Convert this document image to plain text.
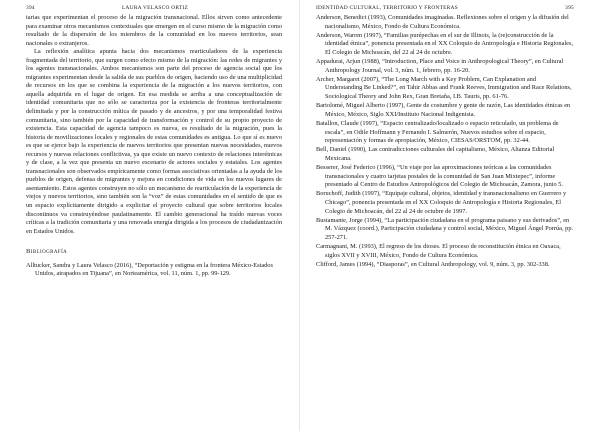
394	LAURA VELASCO ORTIZ

tarias que experimentan el proceso de la migración transnacional. Ellos sirven como antecedente para examinar otros mecanismos contextuales que emergen en el curso mismo de la migración como resultado de la dispersión de los miembros de la comunidad en los nuevos territorios, sean nacionales o extranjeros.

La reflexión analítica apunta hacia dos mecanismos rearticuladores de la experiencia fragmentada del territorio, que surgen como efecto mismo de la migración: las redes de migrantes y los agentes transnacionales. Ambos mecanismos son parte del proceso de agencia social que los migrantes experimentan desde la salida de sus pueblos de origen, haciendo uso de una multiplicidad de recursos en los que se combina la experiencia de la migración a los nuevos territorios, con aquella adquirida en el lugar de origen. En esa medida se arriba a una conceptualización de identidad comunitaria que no sólo se caracteriza por la existencia de fronteras territorialmente delimitada y por la construcción mítica de pasado y de ancestros, y por una temporalidad festiva comunitaria, sino también por la capacidad de transformación y control de su propio proyecto de existencia. Esta capacidad de agencia tampoco es nueva, es resultado de la migración, pues la historia de movilizaciones locales y regionales de estas comunidades es antigua. Lo que sí es nuevo es que se ejerce bajo la experiencia de nuevos territorios que presentan nuevas necesidades, nuevos recursos y nuevas relaciones conflictivas, ya que existe un nuevo contexto de relaciones interétnicas y de clase, a la vez que presenta un nuevo escenario de actores sociales y estatales. Los agentes transnacionales son observados empíricamente como formas asociativas orientadas a la ayuda de los pueblos de origen, defensa de migrantes y mejora en condiciones de vida en los nuevos lugares de asentamiento. Estos agentes construyen no sólo un mecanismo de rearticulación de la experiencia de viejos y nuevos territorios, sino también son la “voz” de estas comunidades en el sentido de que es un espacio explícitamente dirigido a explicitar el proyecto cultural que sobre territorios locales discontinuos va construyéndose paulatinamente. El cambio generacional ha traído nuevas voces críticas a la tradición comunitaria y una renovada energía dirigida a los procesos de ciudadanización en Estados Unidos.

Bibliografía

Alltucker, Sandra y Laura Velasco (2016), “Deportación y estigma en la frontera México-Estados Unidos, atrapados en Tijuana”, en Norteamérica, vol. 11, núm. 1, pp. 99-129.

IDENTIDAD CULTURAL, TERRITORIO Y FRONTERAS	395

Anderson, Benedict (1993), Comunidades imaginadas. Reflexiones sobre el origen y la difusión del nacionalismo, México, Fondo de Cultura Económica.

Anderson, Warren (1997), “Familias purépechas en el sur de Illinois, la (re)construcción de la identidad étnica”, ponencia presentada en el XX Coloquio de Antropología e Historia Regionales, El Colegio de Michoacán, del 22 al 24 de octubre.

Appadurai, Arjun (1988), “Introduction, Place and Voice in Anthropological Theory”, en Cultural Anthropology Journal, vol. 3, núm. 1, febrero, pp. 16-20.

Archer, Margaret (2007), “The Long March with a Key Problem, Can Explanation and Understanding Be Linked?”, en Tahir Abbas and Frank Reeves, Immigration and Race Relations, Sociological Theory and John Rex, Gran Bretaña, I.B. Tauris, pp. 61-76.

Bartolomé, Miguel Alberto (1997), Gente de costumbre y gente de razón, Las identidades étnicas en México, México, Siglo XXI/Instituto Nacional Indigenista.

Batallon, Claude (1997), “Espacio centralizado/localizado o espacio reticulado, un problema de escala”, en Odile Hoffmann y Fernando I. Salmerón, Nuevos estudios sobre el espacio, representación y formas de apropiación, México, CIESAS/ORSTOM, pp. 32-44.

Bell, Daniel (1990), Las contradicciones culturales del capitalismo, México, Alianza Editorial Mexicana.

Besserer, José Federico (1996), “Un viaje por las aproximaciones teóricas a las comunidades transnacionales y cuatro tarjetas postales de la comunidad de San Juan Mixtepec”, informe presentado al Centro de Estudios Antropológicos del Colegio de Michoacán, Zamora, junio 5.

Boruchoff, Judith (1997), “Equipaje cultural, objetos, identidad y transnacionalismo en Guerrero y Chicago”, ponencia presentada en el XX Coloquio de Antropología e Historia Regionales, El Colegio de Michoacán, del 22 al 24 de octubre de 1997.

Bustamante, Jorge (1994), “La participación ciudadana en el programa paisano y sus derivados”, en M. Vázquez (coord.), Participación ciudadana y control social, México, Miguel Ángel Porrúa, pp. 257-271.

Carmagnani, M. (1993), El regreso de los dioses. El proceso de reconstitución étnica en Oaxaca, siglos XVII y XVIII, México, Fondo de Cultura Económica.

Clifford, James (1994), “Diasporas”, en Cultural Anthropology, vol. 9, núm. 3, pp. 302-338.
